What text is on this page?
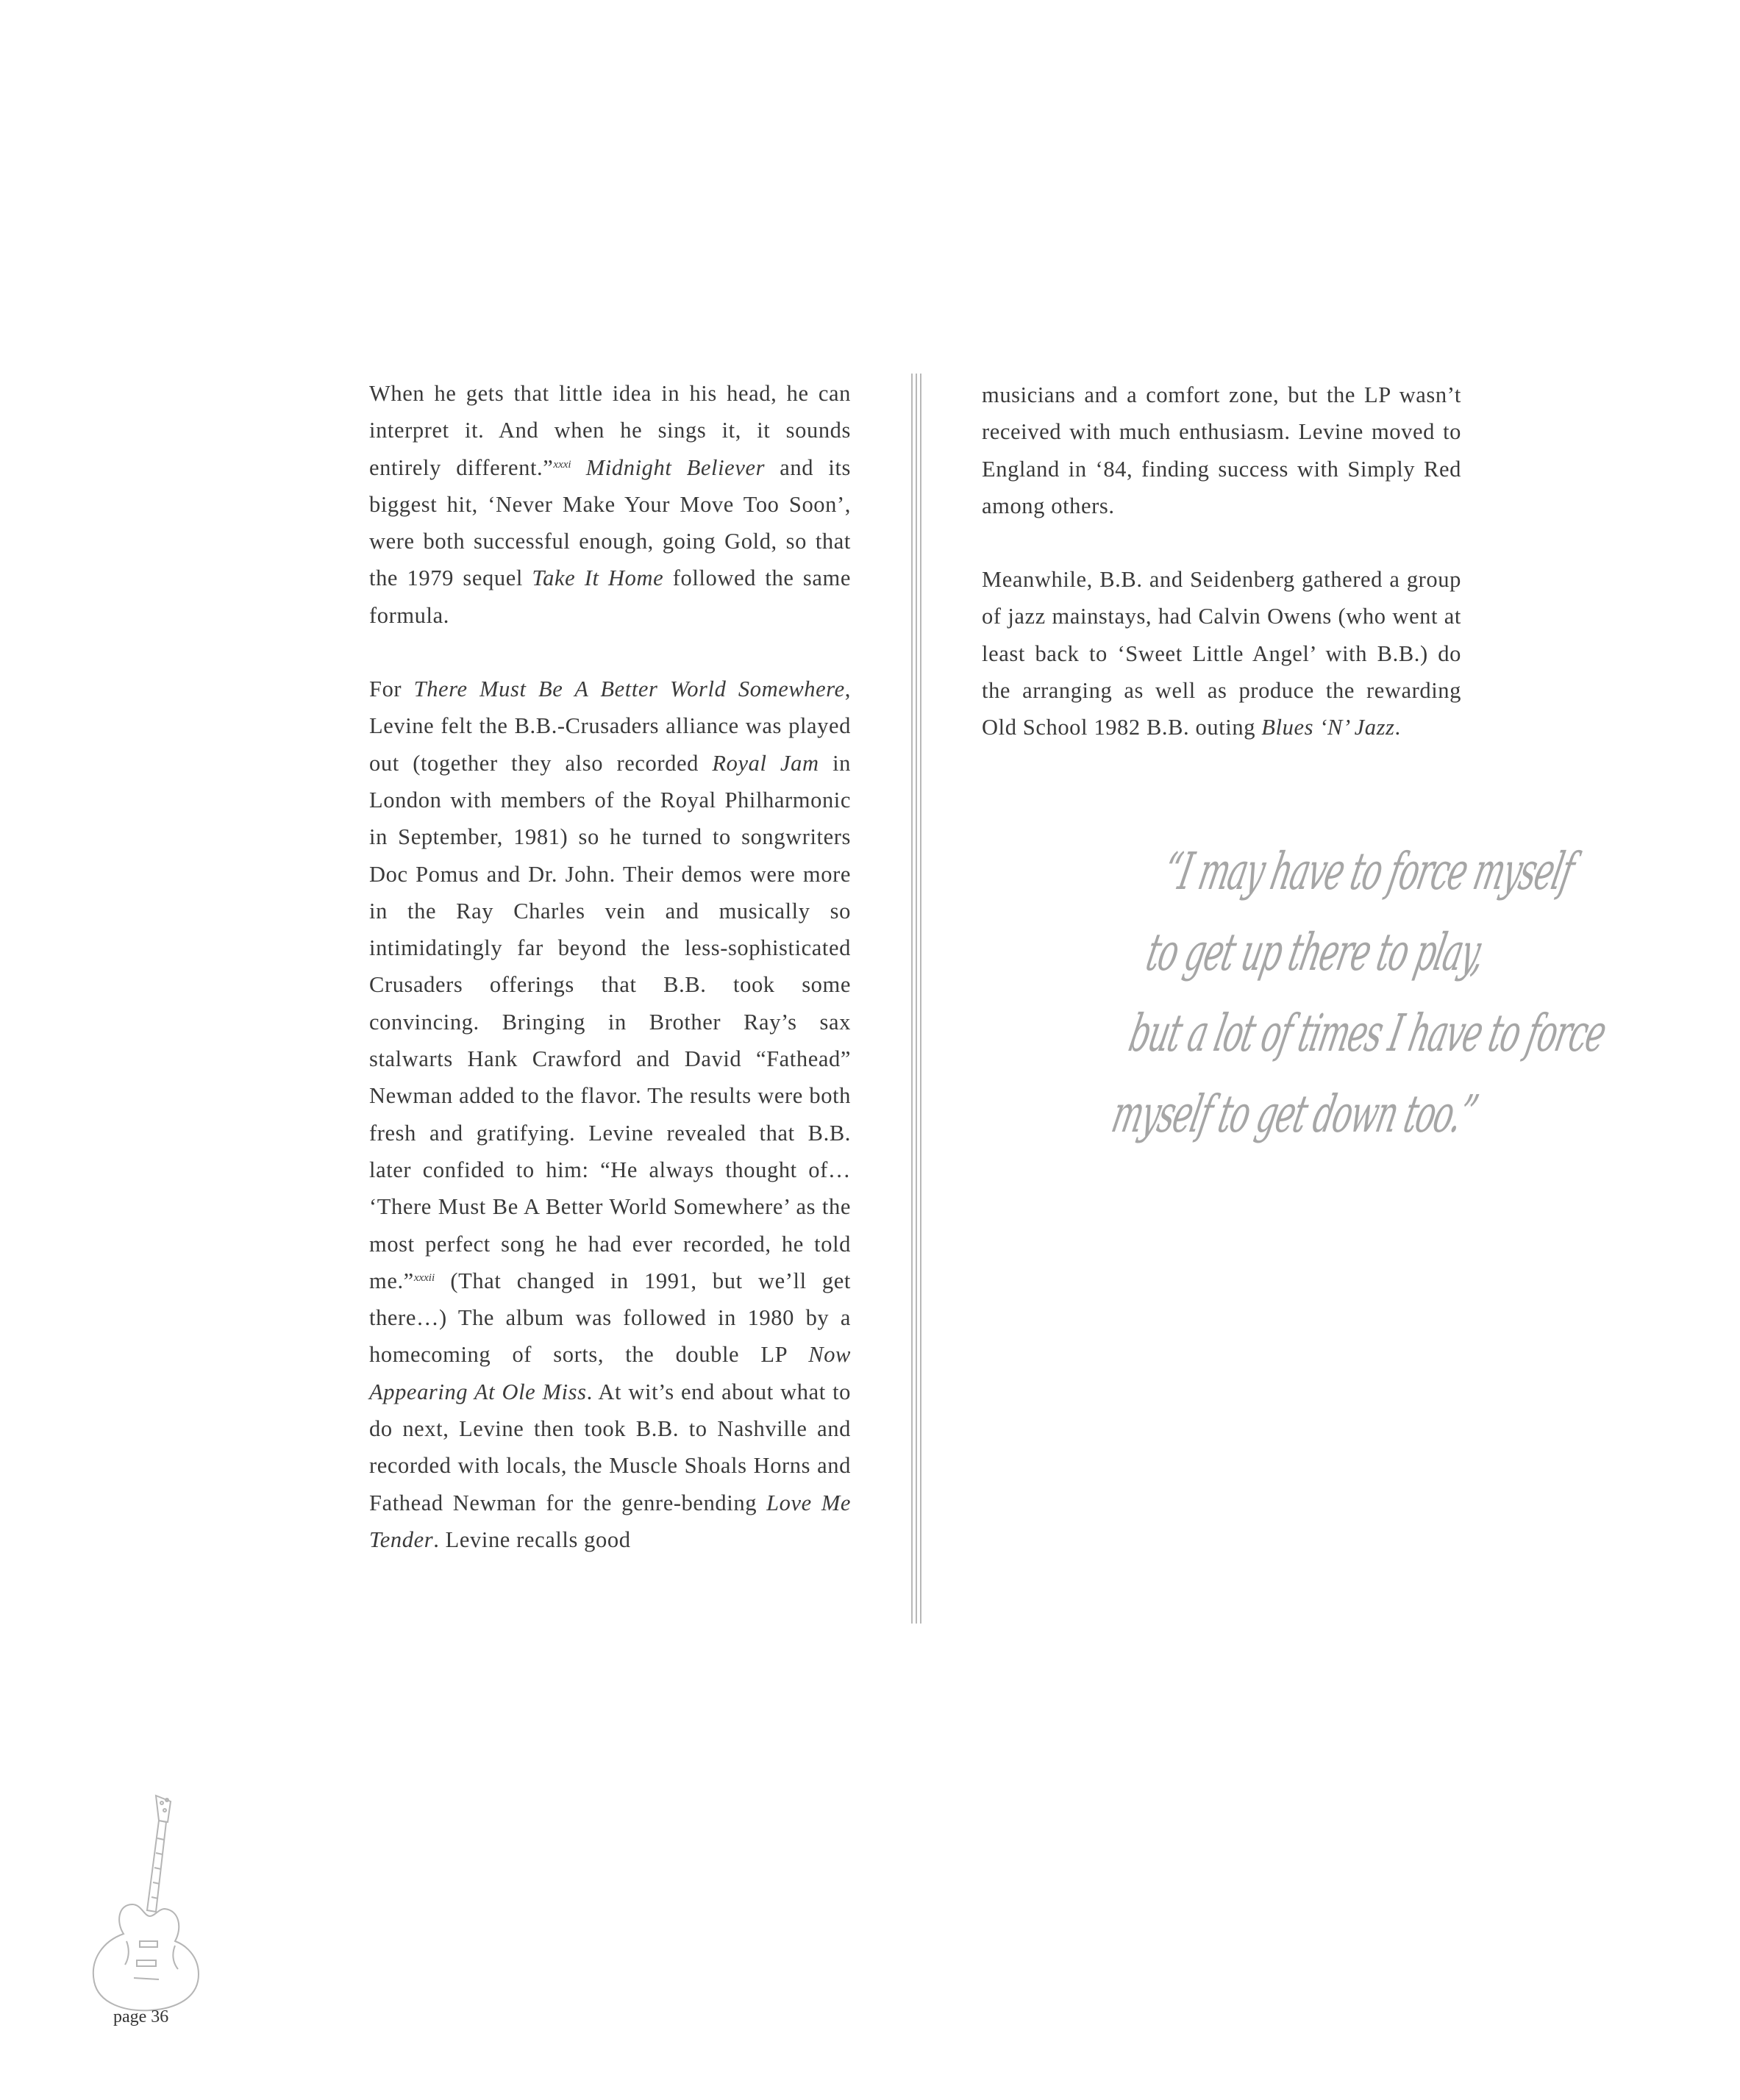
When he gets that little idea in his head, he can interpret it. And when he sings it, it sounds entirely different.”$^{xxxi}$ Midnight Believer and its biggest hit, ‘Never Make Your Move Too Soon’, were both successful enough, going Gold, so that the 1979 sequel Take It Home followed the same formula.

For There Must Be A Better World Somewhere, Levine felt the B.B.-Crusaders alliance was played out (together they also recorded Royal Jam in London with members of the Royal Philharmonic in September, 1981) so he turned to songwriters Doc Pomus and Dr. John. Their demos were more in the Ray Charles vein and musically so intimidatingly far beyond the less-sophisticated Crusaders offerings that B.B. took some convincing. Bringing in Brother Ray’s sax stalwarts Hank Crawford and David “Fathead” Newman added to the flavor. The results were both fresh and gratifying. Levine revealed that B.B. later confided to him: “He always thought of… ‘There Must Be A Better World Somewhere’ as the most perfect song he had ever recorded, he told me.”$^{xxxii}$ (That changed in 1991, but we’ll get there…) The album was followed in 1980 by a homecoming of sorts, the double LP Now Appearing At Ole Miss. At wit’s end about what to do next, Levine then took B.B. to Nashville and recorded with locals, the Muscle Shoals Horns and Fathead Newman for the genre-bending Love Me Tender. Levine recalls good

musicians and a comfort zone, but the LP wasn’t received with much enthusiasm. Levine moved to England in ‘84, finding success with Simply Red among others.

Meanwhile, B.B. and Seidenberg gathered a group of jazz mainstays, had Calvin Owens (who went at least back to ‘Sweet Little Angel’ with B.B.) do the arranging as well as produce the rewarding Old School 1982 B.B. outing Blues ‘N’ Jazz.

“I may have to force myself
to get up there to play,
but a lot of times I have to force
myself to get down too.”
page 36
